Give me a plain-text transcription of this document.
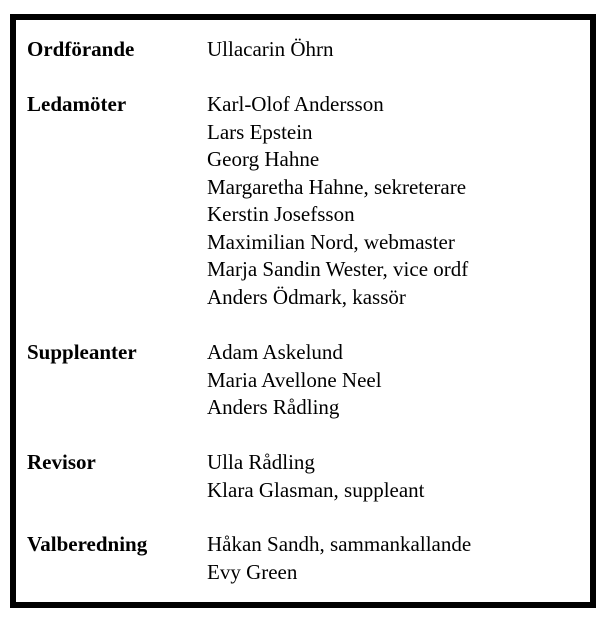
Ordförande	Ullacarin Öhrn
Ledamöter	Karl-Olof Andersson
Lars Epstein
Georg Hahne
Margaretha Hahne, sekreterare
Kerstin Josefsson
Maximilian Nord, webmaster
Marja Sandin Wester, vice ordf
Anders Ödmark, kassör
Suppleanter	Adam Askelund
Maria Avellone Neel
Anders Rådling
Revisor	Ulla Rådling
Klara Glasman, suppleant
Valberedning	Håkan Sandh, sammankallande
Evy Green
